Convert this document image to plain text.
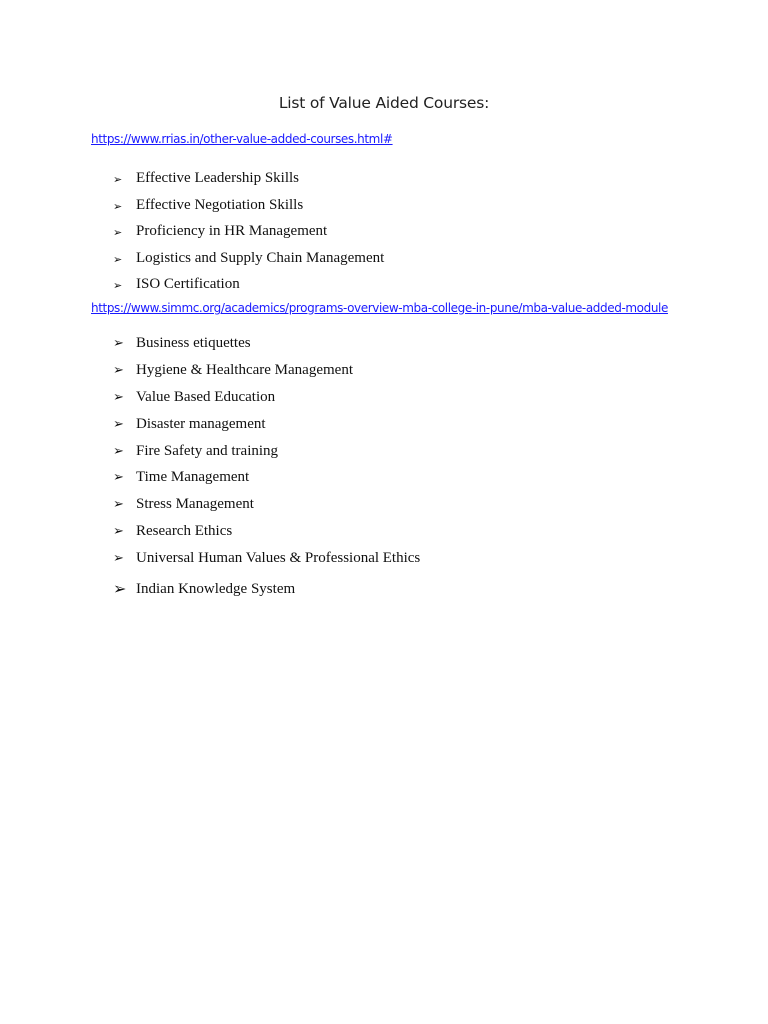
List of Value Aided Courses:
https://www.rrias.in/other-value-added-courses.html#
➢ Effective Leadership Skills
➢ Effective Negotiation Skills
➢ Proficiency in HR Management
➢ Logistics and Supply Chain Management
➢ ISO Certification
https://www.simmc.org/academics/programs-overview-mba-college-in-pune/mba-value-added-module
➢ Business etiquettes
➢ Hygiene & Healthcare Management
➢ Value Based Education
➢ Disaster management
➢ Fire Safety and training
➢ Time Management
➢ Stress Management
➢ Research Ethics
➢ Universal Human Values & Professional Ethics
➢ Indian Knowledge System
